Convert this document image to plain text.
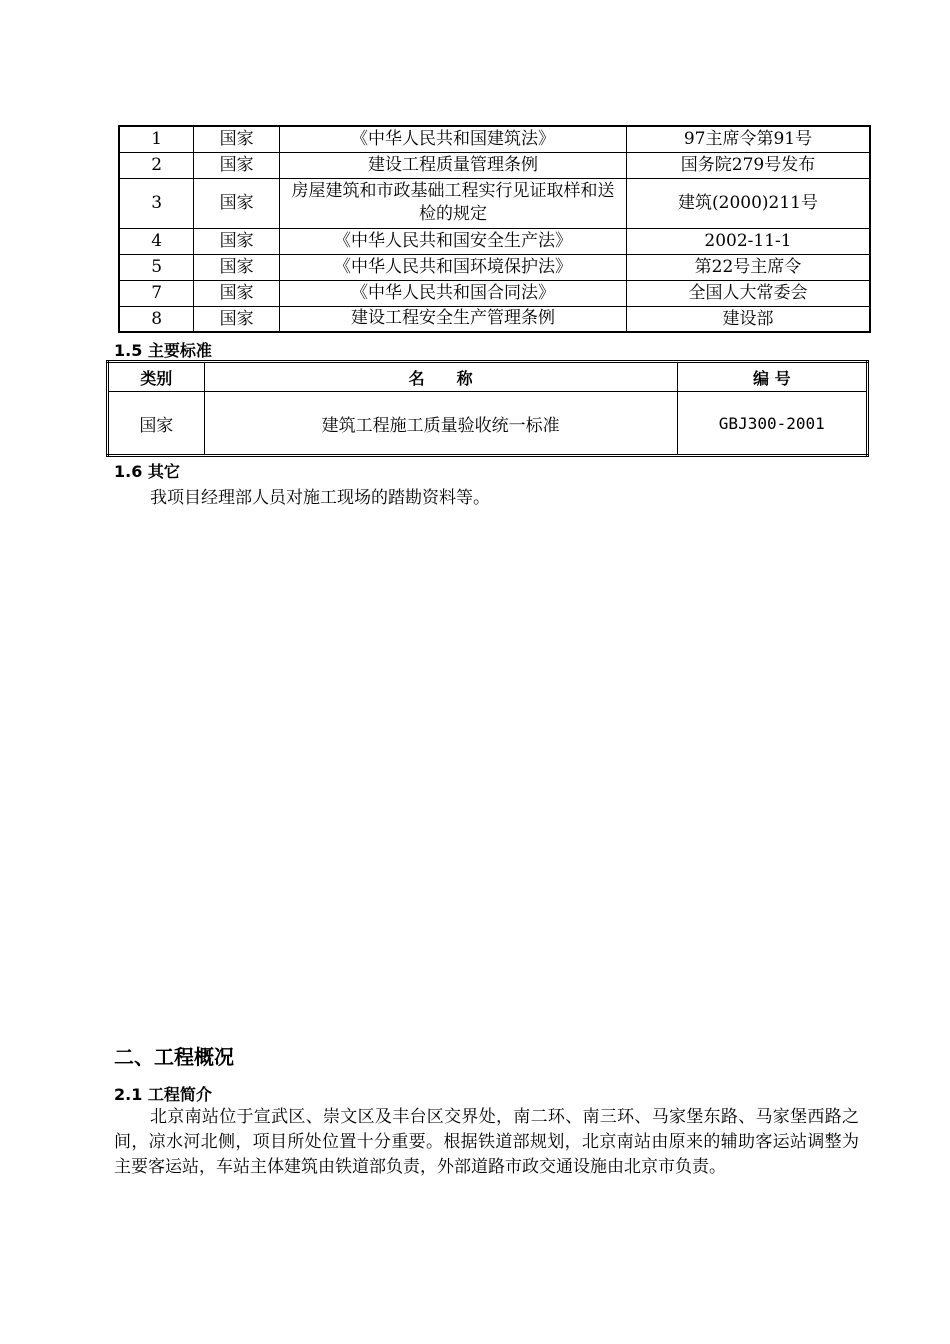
1	国家	《中华人民共和国建筑法》	97主席令第91号
2	国家	建设工程质量管理条例	国务院279号发布
3	国家	房屋建筑和市政基础工程实行见证取样和送检的规定	建筑(2000)211号
4	国家	《中华人民共和国安全生产法》	2002-11-1
5	国家	《中华人民共和国环境保护法》	第22号主席令
7	国家	《中华人民共和国合同法》	全国人大常委会
8	国家	建设工程安全生产管理条例	建设部
1.5 主要标准
类别	名　　称	编 号
国家	建筑工程施工质量验收统一标准	GBJ300-2001
1.6 其它
我项目经理部人员对施工现场的踏勘资料等。
二、工程概况
2.1 工程简介
北京南站位于宣武区、崇文区及丰台区交界处，南二环、南三环、马家堡东路、马家堡西路之间，凉水河北侧，项目所处位置十分重要。根据铁道部规划，北京南站由原来的辅助客运站调整为主要客运站，车站主体建筑由铁道部负责，外部道路市政交通设施由北京市负责。
